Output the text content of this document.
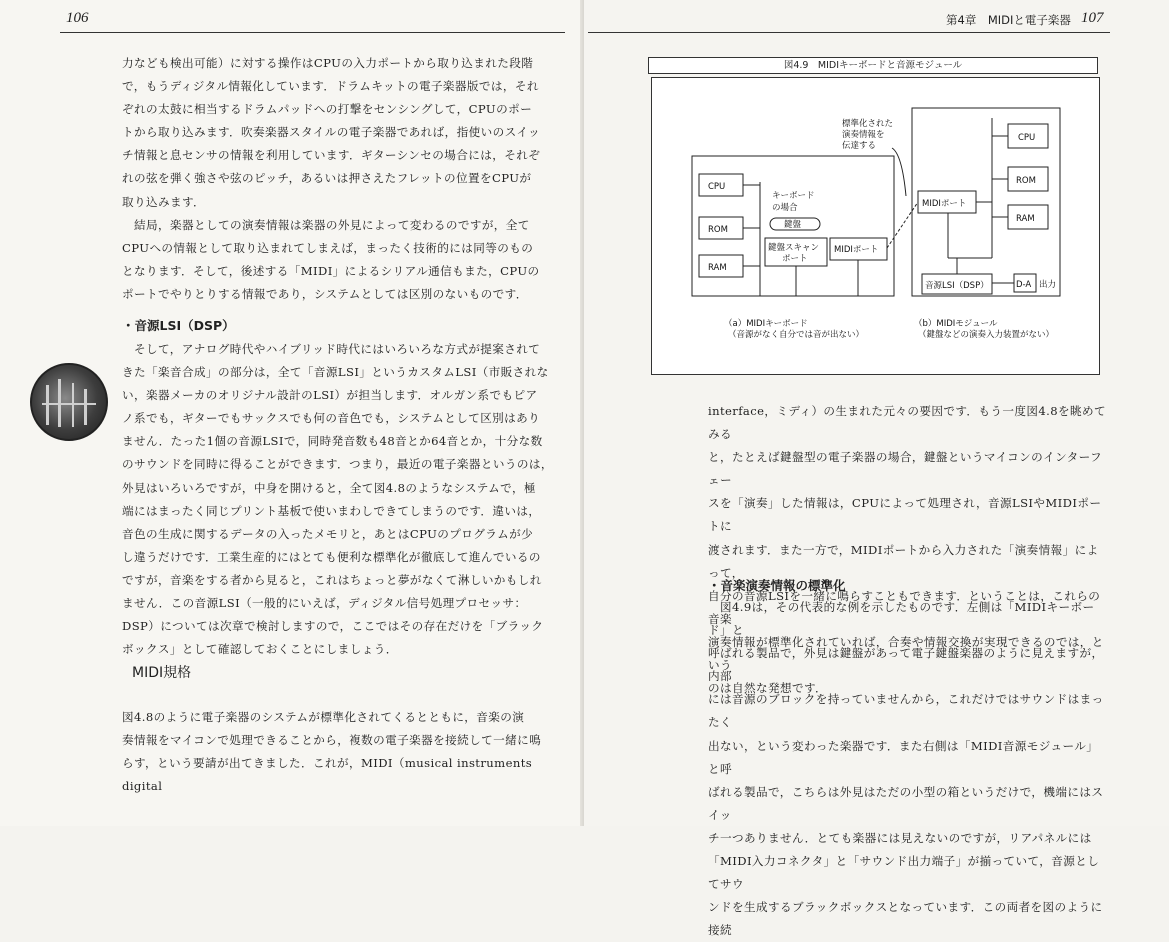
106

力なども検出可能）に対する操作はCPUの入力ポートから取り込まれた段階

で，もうディジタル情報化しています．ドラムキットの電子楽器版では，それ

ぞれの太鼓に相当するドラムパッドへの打撃をセンシングして，CPUのポー

トから取り込みます．吹奏楽器スタイルの電子楽器であれば，指使いのスイッ

チ情報と息センサの情報を利用しています．ギターシンセの場合には，それぞ

れの弦を弾く強さや弦のピッチ，あるいは押さえたフレットの位置をCPUが

取り込みます．

　結局，楽器としての演奏情報は楽器の外見によって変わるのですが，全て

CPUへの情報として取り込まれてしまえば，まったく技術的には同等のもの

となります．そして，後述する「MIDI」によるシリアル通信もまた，CPUの

ポートでやりとりする情報であり，システムとしては区別のないものです．

・音源LSI（DSP）

　そして，アナログ時代やハイブリッド時代にはいろいろな方式が提案されて

きた「楽音合成」の部分は，全て「音源LSI」というカスタムLSI（市販されな

い，楽器メーカのオリジナル設計のLSI）が担当します．オルガン系でもピア

ノ系でも，ギターでもサックスでも何の音色でも，システムとして区別はあり

ません．たった1個の音源LSIで，同時発音数も48音とか64音とか，十分な数

のサウンドを同時に得ることができます．つまり，最近の電子楽器というのは，

外見はいろいろですが，中身を開けると，全て図4.8のようなシステムで，極

端にはまったく同じプリント基板で使いまわしできてしまうのです．違いは，

音色の生成に関するデータの入ったメモリと，あとはCPUのプログラムが少

し違うだけです．工業生産的にはとても便利な標準化が徹底して進んでいるの

ですが，音楽をする者から見ると，これはちょっと夢がなくて淋しいかもしれ

ません．この音源LSI（一般的にいえば，ディジタル信号処理プロセッサ：

DSP）については次章で検討しますので，ここではその存在だけを「ブラック

ボックス」として確認しておくことにしましょう．

MIDI規格

図4.8のように電子楽器のシステムが標準化されてくるとともに，音楽の演

奏情報をマイコンで処理できることから，複数の電子楽器を接続して一緒に鳴

らす，という要請が出てきました．これが，MIDI（musical instruments digital

第4章　MIDIと電子楽器 107
図4.9　MIDIキーボードと音源モジュール
CPU
ROM
RAM
キーボード
の場合
鍵盤
鍵盤スキャン
ポート
MIDIポート
標準化された
演奏情報を
伝達する
MIDIポート
CPU
ROM
RAM
音源LSI（DSP）	D-A 出力
（a）MIDIキーボード
（音源がなく自分では音が出ない）
（b）MIDIモジュール
（鍵盤などの演奏入力装置がない）

interface，ミディ）の生まれた元々の要因です．もう一度図4.8を眺めてみる

と，たとえば鍵盤型の電子楽器の場合，鍵盤というマイコンのインターフェー

スを「演奏」した情報は，CPUによって処理され，音源LSIやMIDIポートに

渡されます．また一方で，MIDIポートから入力された「演奏情報」によって，

自分の音源LSIを一緒に鳴らすこともできます．ということは，これらの音楽

演奏情報が標準化されていれば，合奏や情報交換が実現できるのでは，という

のは自然な発想です．

・音楽演奏情報の標準化

　図4.9は，その代表的な例を示したものです．左側は「MIDIキーボード」と

呼ばれる製品で，外見は鍵盤があって電子鍵盤楽器のように見えますが，内部

には音源のブロックを持っていませんから，これだけではサウンドはまったく

出ない，という変わった楽器です．また右側は「MIDI音源モジュール」と呼

ばれる製品で，こちらは外見はただの小型の箱というだけで，機端にはスイッ

チ一つありません．とても楽器には見えないのですが，リアパネルには

「MIDI入力コネクタ」と「サウンド出力端子」が揃っていて，音源としてサウ

ンドを生成するブラックボックスとなっています．この両者を図のように接続
